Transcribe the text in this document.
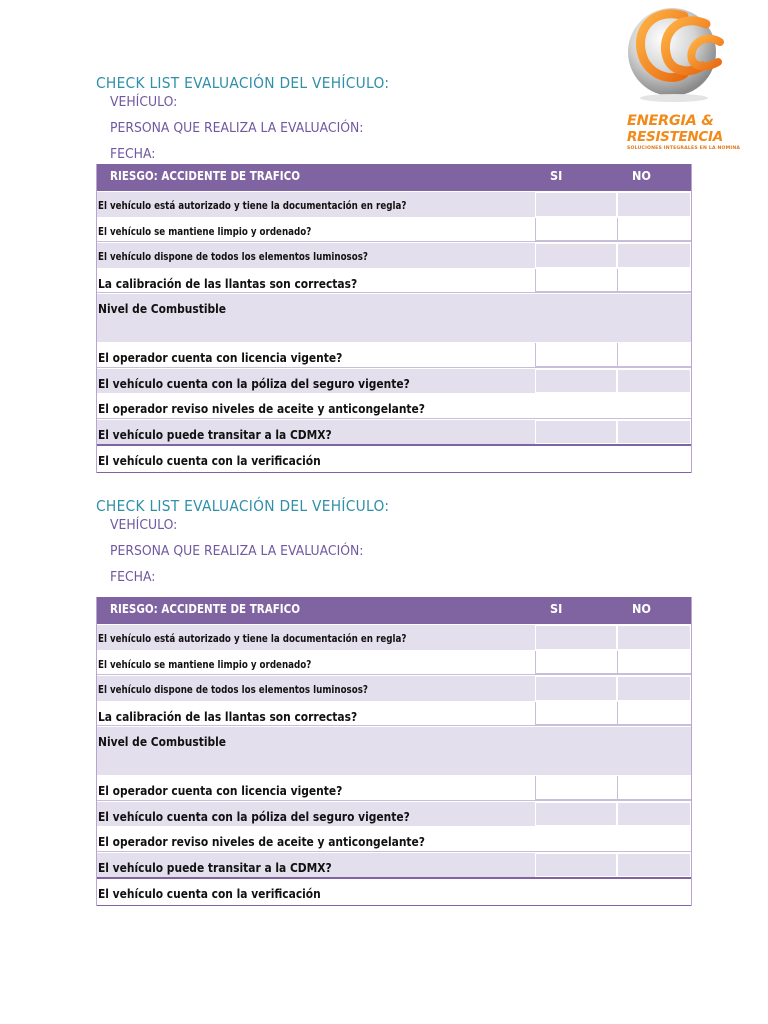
ENERGIA &
RESISTENCIA
SOLUCIONES INTEGRALES EN LA NOMINA
CHECK LIST EVALUACIÓN DEL VEHÍCULO:
VEHÍCULO:
PERSONA QUE REALIZA LA EVALUACIÓN:
FECHA:
RIESGO: ACCIDENTE DE TRAFICO	SI	NO
El vehículo está autorizado y tiene la documentación en regla?
El vehículo se mantiene limpio y ordenado?
El vehículo dispone de todos los elementos luminosos?
La calibración de las llantas son correctas?
Nivel de Combustible
El operador cuenta con licencia vigente?
El vehículo cuenta con la póliza del seguro vigente?
El operador reviso niveles de aceite y anticongelante?
El vehículo puede transitar a la CDMX?
El vehículo cuenta con la verificación
CHECK LIST EVALUACIÓN DEL VEHÍCULO:
VEHÍCULO:
PERSONA QUE REALIZA LA EVALUACIÓN:
FECHA:
RIESGO: ACCIDENTE DE TRAFICO	SI	NO
El vehículo está autorizado y tiene la documentación en regla?
El vehículo se mantiene limpio y ordenado?
El vehículo dispone de todos los elementos luminosos?
La calibración de las llantas son correctas?
Nivel de Combustible
El operador cuenta con licencia vigente?
El vehículo cuenta con la póliza del seguro vigente?
El operador reviso niveles de aceite y anticongelante?
El vehículo puede transitar a la CDMX?
El vehículo cuenta con la verificación
